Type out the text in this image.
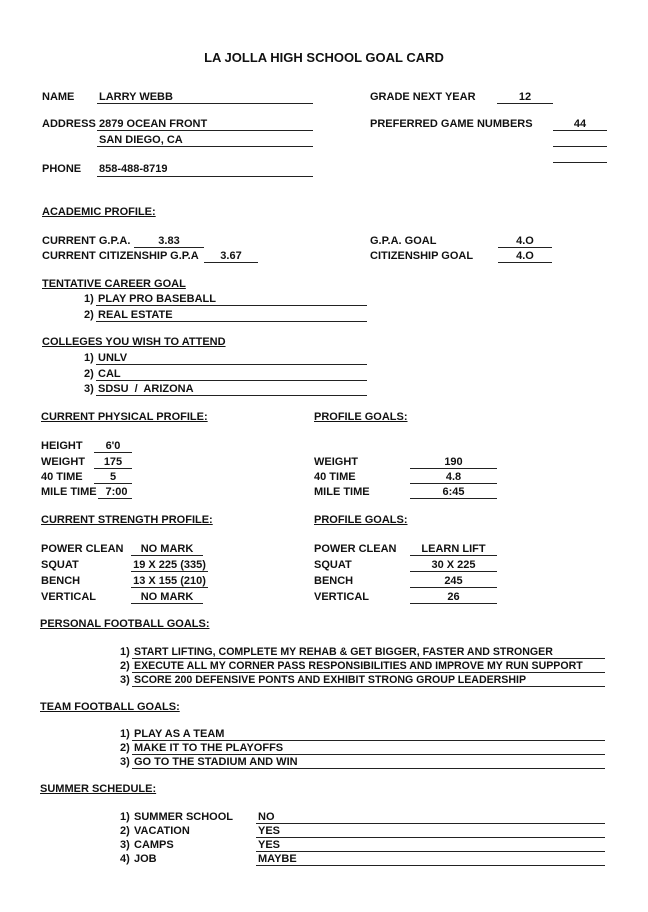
LA JOLLA HIGH SCHOOL GOAL CARD
NAME LARRY WEBB	GRADE NEXT YEAR	12
ADDRESS 2879 OCEAN FRONT
SAN DIEGO, CA
PREFERRED GAME NUMBERS	44
PHONE 858-488-8719
ACADEMIC PROFILE:
CURRENT G.P.A.	3.83
CURRENT CITIZENSHIP G.P.A	3.67
G.P.A. GOAL	4.O
CITIZENSHIP GOAL	4.O
TENTATIVE CAREER GOAL
1) PLAY PRO BASEBALL
2) REAL ESTATE
COLLEGES YOU WISH TO ATTEND
1) UNLV
2) CAL
3) SDSU  /  ARIZONA
CURRENT PHYSICAL PROFILE:	PROFILE GOALS:
HEIGHT	6'0
WEIGHT	175
40 TIME	5
MILE TIME 7:00
WEIGHT	190
40 TIME	4.8
MILE TIME	6:45
CURRENT STRENGTH PROFILE:	PROFILE GOALS:
POWER CLEAN	NO MARK
SQUAT	19 X 225 (335)
BENCH	13 X 155 (210)
VERTICAL	NO MARK
POWER CLEAN	LEARN LIFT
SQUAT	30 X 225
BENCH	245
VERTICAL	26
PERSONAL FOOTBALL GOALS:
1) START LIFTING, COMPLETE MY REHAB & GET BIGGER, FASTER AND STRONGER
2) EXECUTE ALL MY CORNER PASS RESPONSIBILITIES AND IMPROVE MY RUN SUPPORT
3) SCORE 200 DEFENSIVE PONTS AND EXHIBIT STRONG GROUP LEADERSHIP
TEAM FOOTBALL GOALS:
1) PLAY AS A TEAM
2) MAKE IT TO THE PLAYOFFS
3) GO TO THE STADIUM AND WIN
SUMMER SCHEDULE:
1) SUMMER SCHOOL NO
2) VACATION	YES
3) CAMPS	YES
4) JOB	MAYBE
